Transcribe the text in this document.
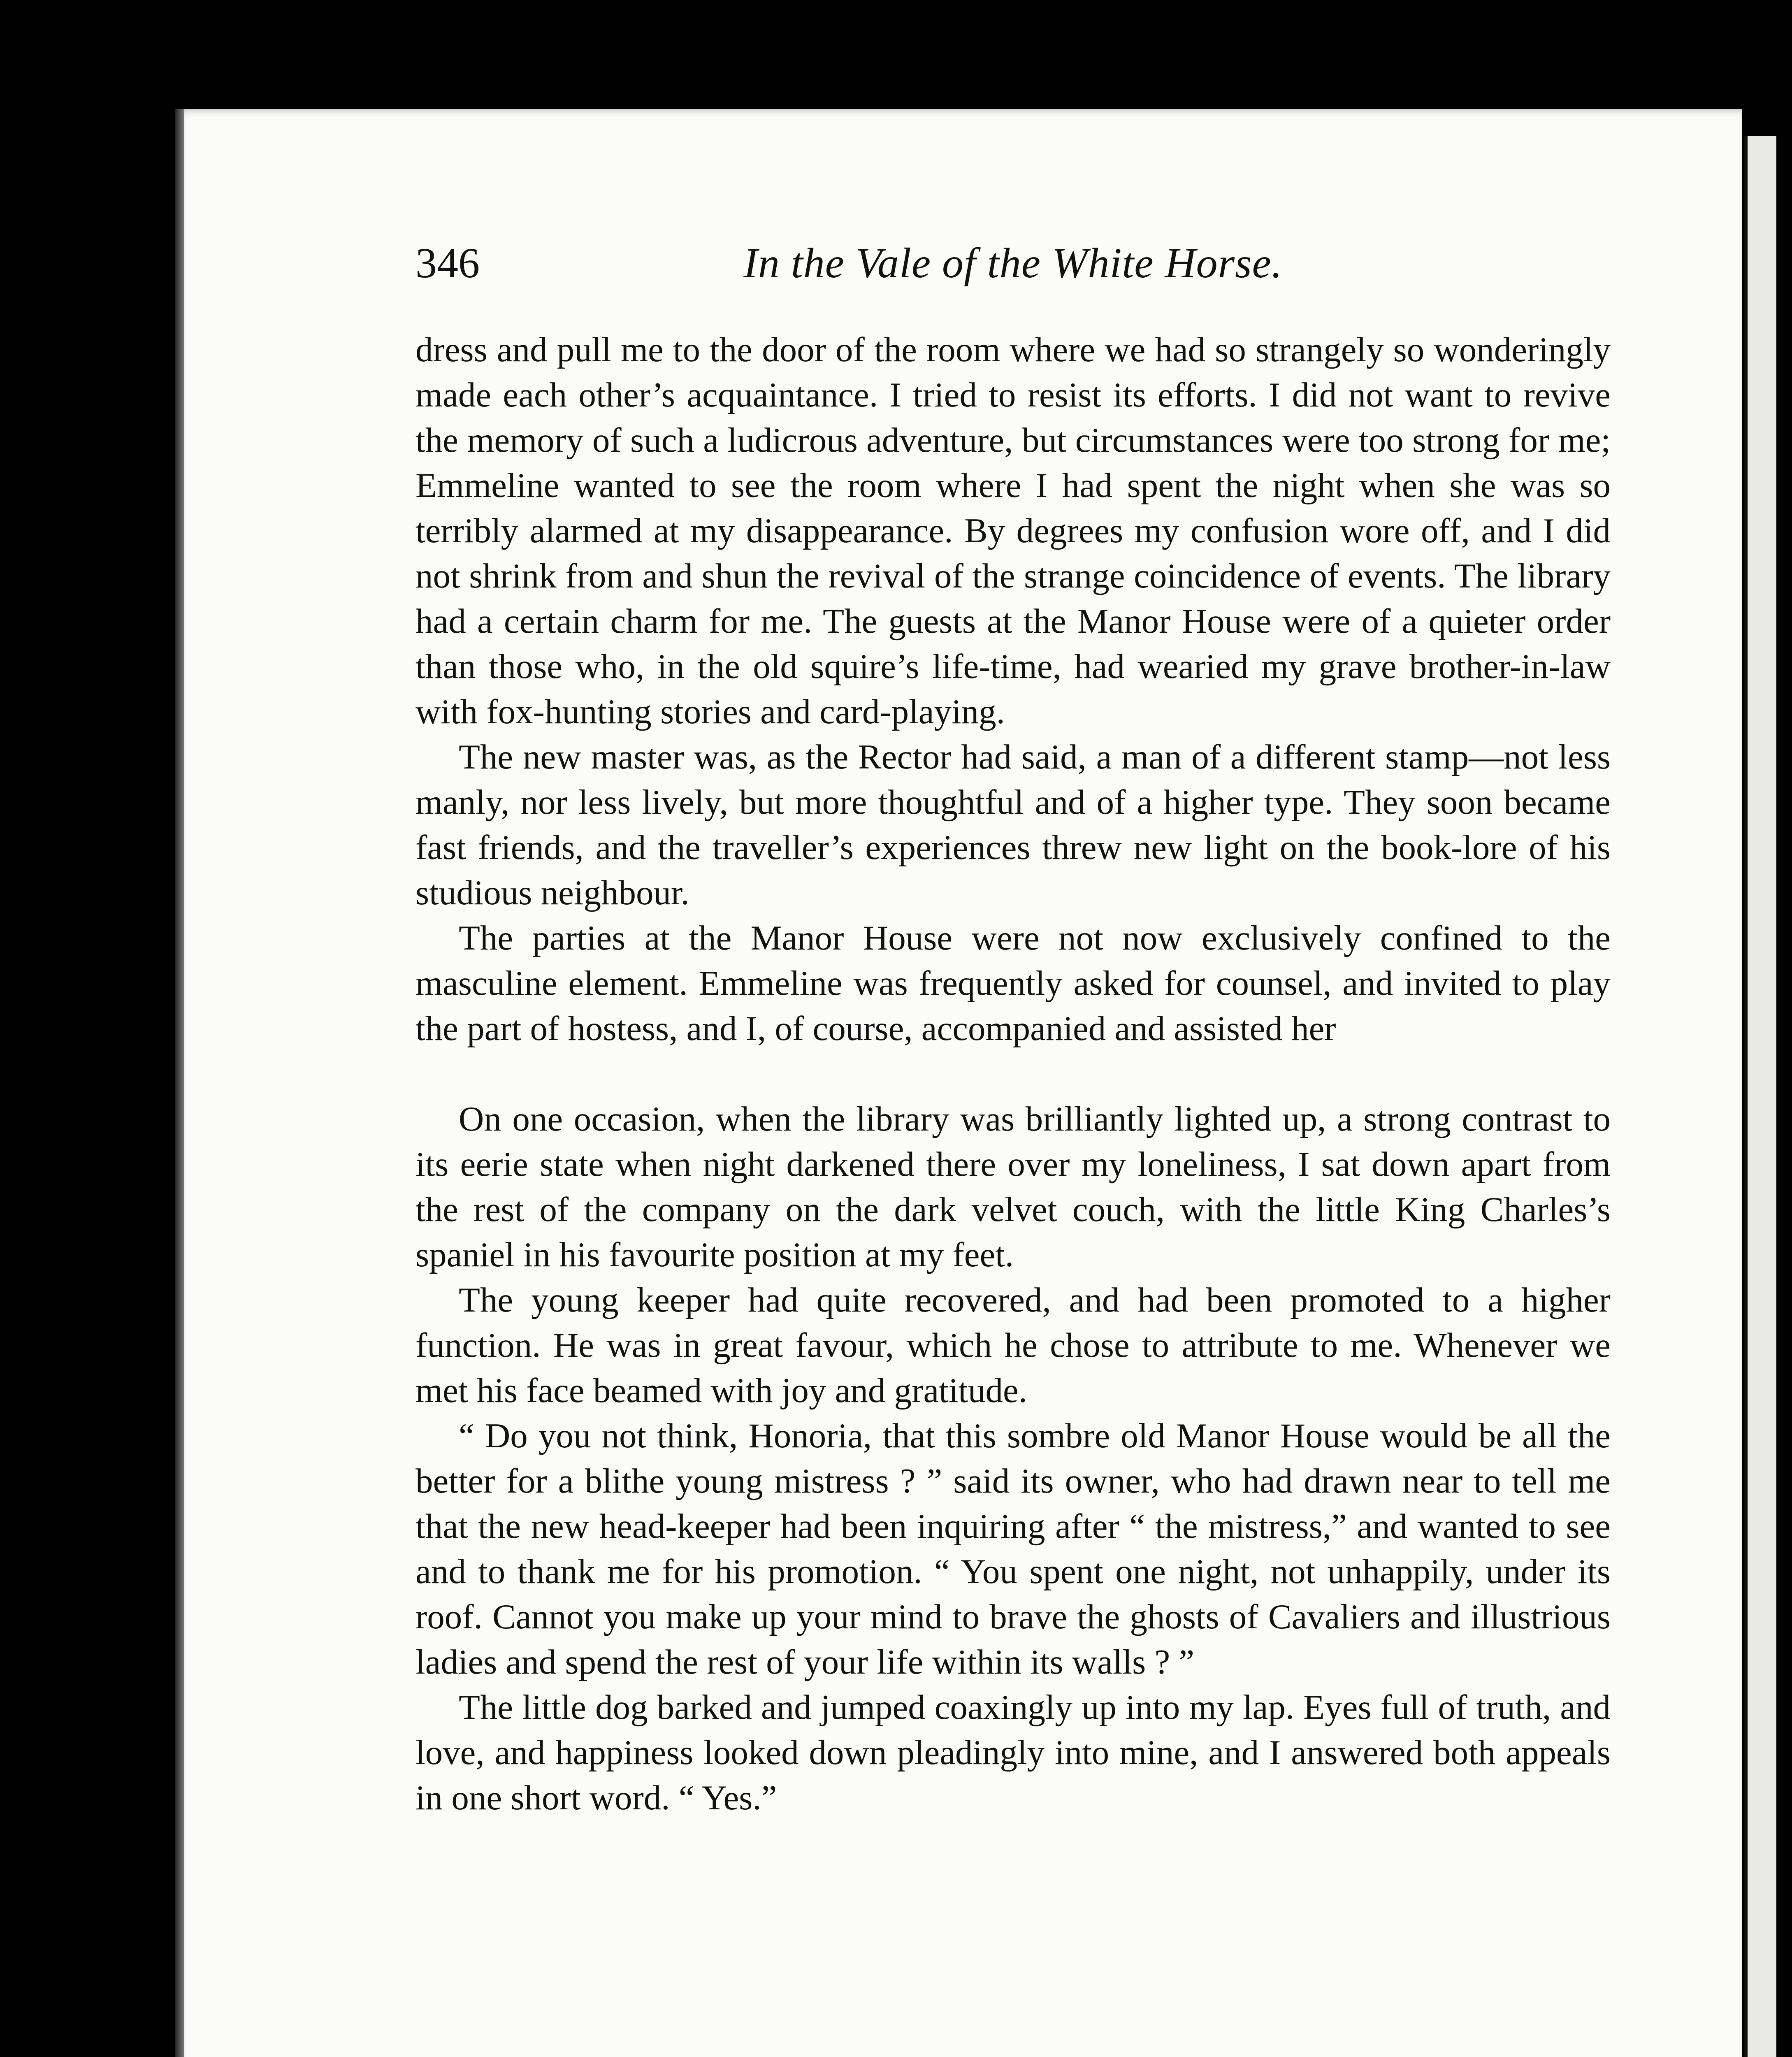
346	In the Vale of the White Horse.

dress and pull me to the door of the room where we had so strangely so wonderingly made each other’s acquaintance. I tried to resist its efforts. I did not want to revive the memory of such a ludicrous adventure, but circumstances were too strong for me; Emmeline wanted to see the room where I had spent the night when she was so terribly alarmed at my disappearance. By degrees my confusion wore off, and I did not shrink from and shun the revival of the strange coincidence of events. The library had a certain charm for me. The guests at the Manor House were of a quieter order than those who, in the old squire’s life-time, had wearied my grave brother-in-law with fox-hunting stories and card-playing.

The new master was, as the Rector had said, a man of a different stamp—not less manly, nor less lively, but more thoughtful and of a higher type. They soon became fast friends, and the traveller’s experiences threw new light on the book-lore of his studious neighbour.

The parties at the Manor House were not now exclusively confined to the masculine element. Emmeline was frequently asked for counsel, and invited to play the part of hostess, and I, of course, accompanied and assisted her

On one occasion, when the library was brilliantly lighted up, a strong contrast to its eerie state when night darkened there over my loneliness, I sat down apart from the rest of the company on the dark velvet couch, with the little King Charles’s spaniel in his favourite position at my feet.

The young keeper had quite recovered, and had been promoted to a higher function. He was in great favour, which he chose to attribute to me. Whenever we met his face beamed with joy and gratitude.

“ Do you not think, Honoria, that this sombre old Manor House would be all the better for a blithe young mistress ? ” said its owner, who had drawn near to tell me that the new head-keeper had been inquiring after “ the mistress,” and wanted to see and to thank me for his promotion. “ You spent one night, not unhappily, under its roof. Cannot you make up your mind to brave the ghosts of Cavaliers and illustrious ladies and spend the rest of your life within its walls ? ”

The little dog barked and jumped coaxingly up into my lap. Eyes full of truth, and love, and happiness looked down pleadingly into mine, and I answered both appeals in one short word. “ Yes.”
